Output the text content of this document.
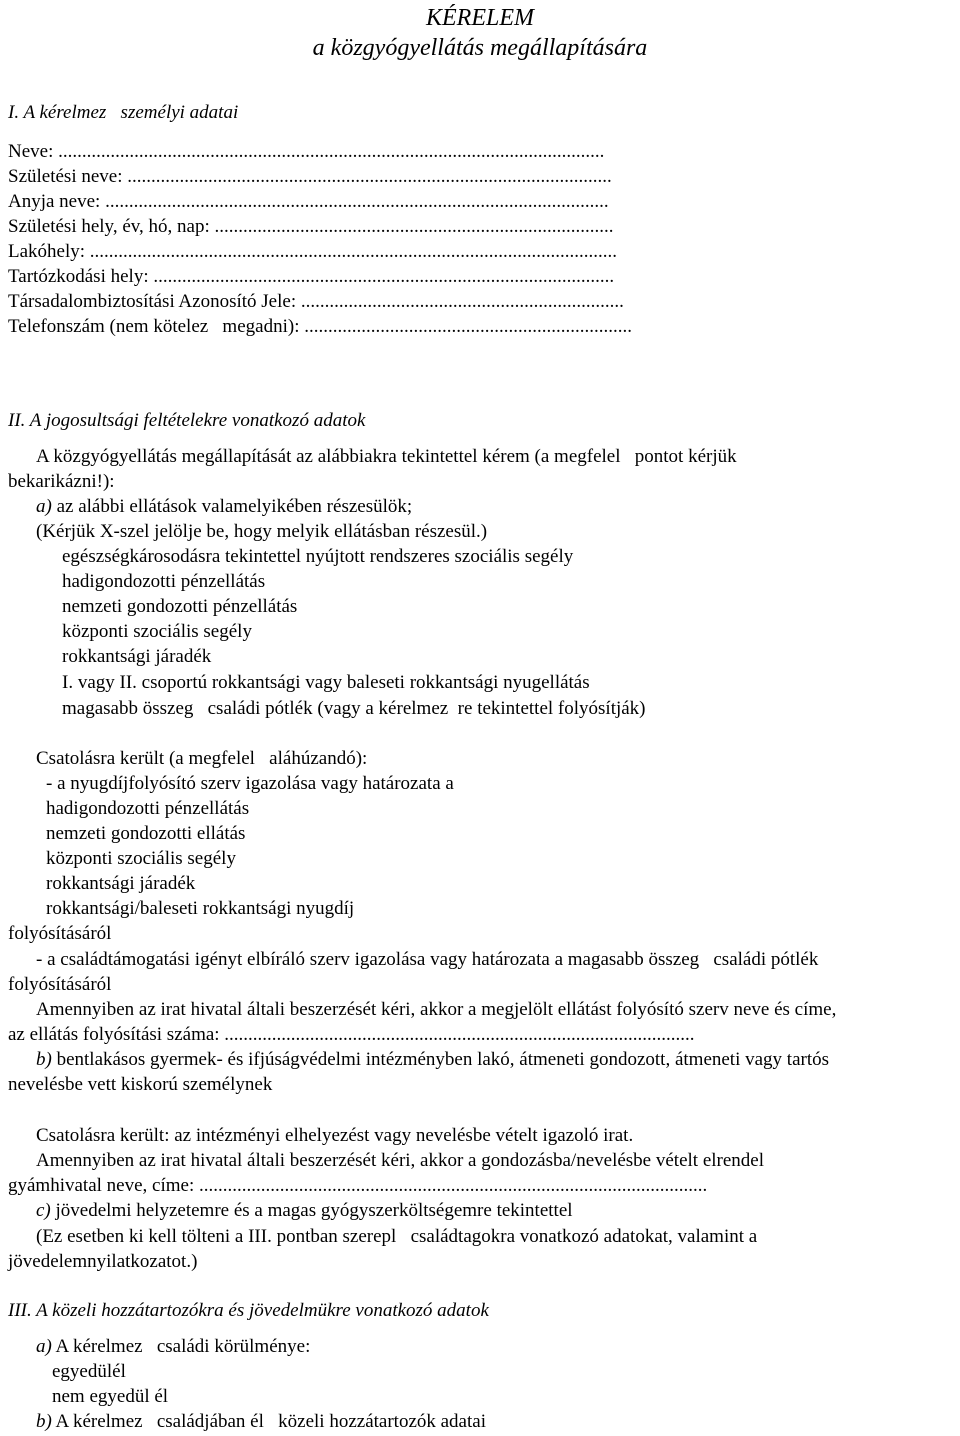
KÉRELEM
a közgyógyellátás megállapítására
I. A kérelmez   személyi adatai
Neve: ...................................................................................................................
Születési neve: ......................................................................................................
Anyja neve: ..........................................................................................................
Születési hely, év, hó, nap: ....................................................................................
Lakóhely: ...............................................................................................................
Tartózkodási hely: .................................................................................................
Társadalombiztosítási Azonosító Jele: ....................................................................
Telefonszám (nem kötelez   megadni): .....................................................................
II. A jogosultsági feltételekre vonatkozó adatok
A közgyógyellátás megállapítását az alábbiakra tekintettel kérem (a megfelel   pontot kérjük
bekarikázni!):
a) az alábbi ellátások valamelyikében részesülök;
(Kérjük X-szel jelölje be, hogy melyik ellátásban részesül.)
egészségkárosodásra tekintettel nyújtott rendszeres szociális segély
hadigondozotti pénzellátás
nemzeti gondozotti pénzellátás
központi szociális segély
rokkantsági járadék
I. vagy II. csoportú rokkantsági vagy baleseti rokkantsági nyugellátás
magasabb összeg   családi pótlék (vagy a kérelmez  re tekintettel folyósítják)
Csatolásra került (a megfelel   aláhúzandó):
- a nyugdíjfolyósító szerv igazolása vagy határozata a
hadigondozotti pénzellátás
nemzeti gondozotti ellátás
központi szociális segély
rokkantsági járadék
rokkantsági/baleseti rokkantsági nyugdíj
folyósításáról
- a családtámogatási igényt elbíráló szerv igazolása vagy határozata a magasabb összeg   családi pótlék
folyósításáról
Amennyiben az irat hivatal általi beszerzését kéri, akkor a megjelölt ellátást folyósító szerv neve és címe,
az ellátás folyósítási száma: ...................................................................................................
b) bentlakásos gyermek- és ifjúságvédelmi intézményben lakó, átmeneti gondozott, átmeneti vagy tartós
nevelésbe vett kiskorú személynek
Csatolásra került: az intézményi elhelyezést vagy nevelésbe vételt igazoló irat.
Amennyiben az irat hivatal általi beszerzését kéri, akkor a gondozásba/nevelésbe vételt elrendel
gyámhivatal neve, címe: ...........................................................................................................
c) jövedelmi helyzetemre és a magas gyógyszerköltségemre tekintettel
(Ez esetben ki kell tölteni a III. pontban szerepl   családtagokra vonatkozó adatokat, valamint a
jövedelemnyilatkozatot.)
III. A közeli hozzátartozókra és jövedelmükre vonatkozó adatok
a) A kérelmez   családi körülménye:
egyedülél
nem egyedül él
b) A kérelmez   családjában él   közeli hozzátartozók adatai
